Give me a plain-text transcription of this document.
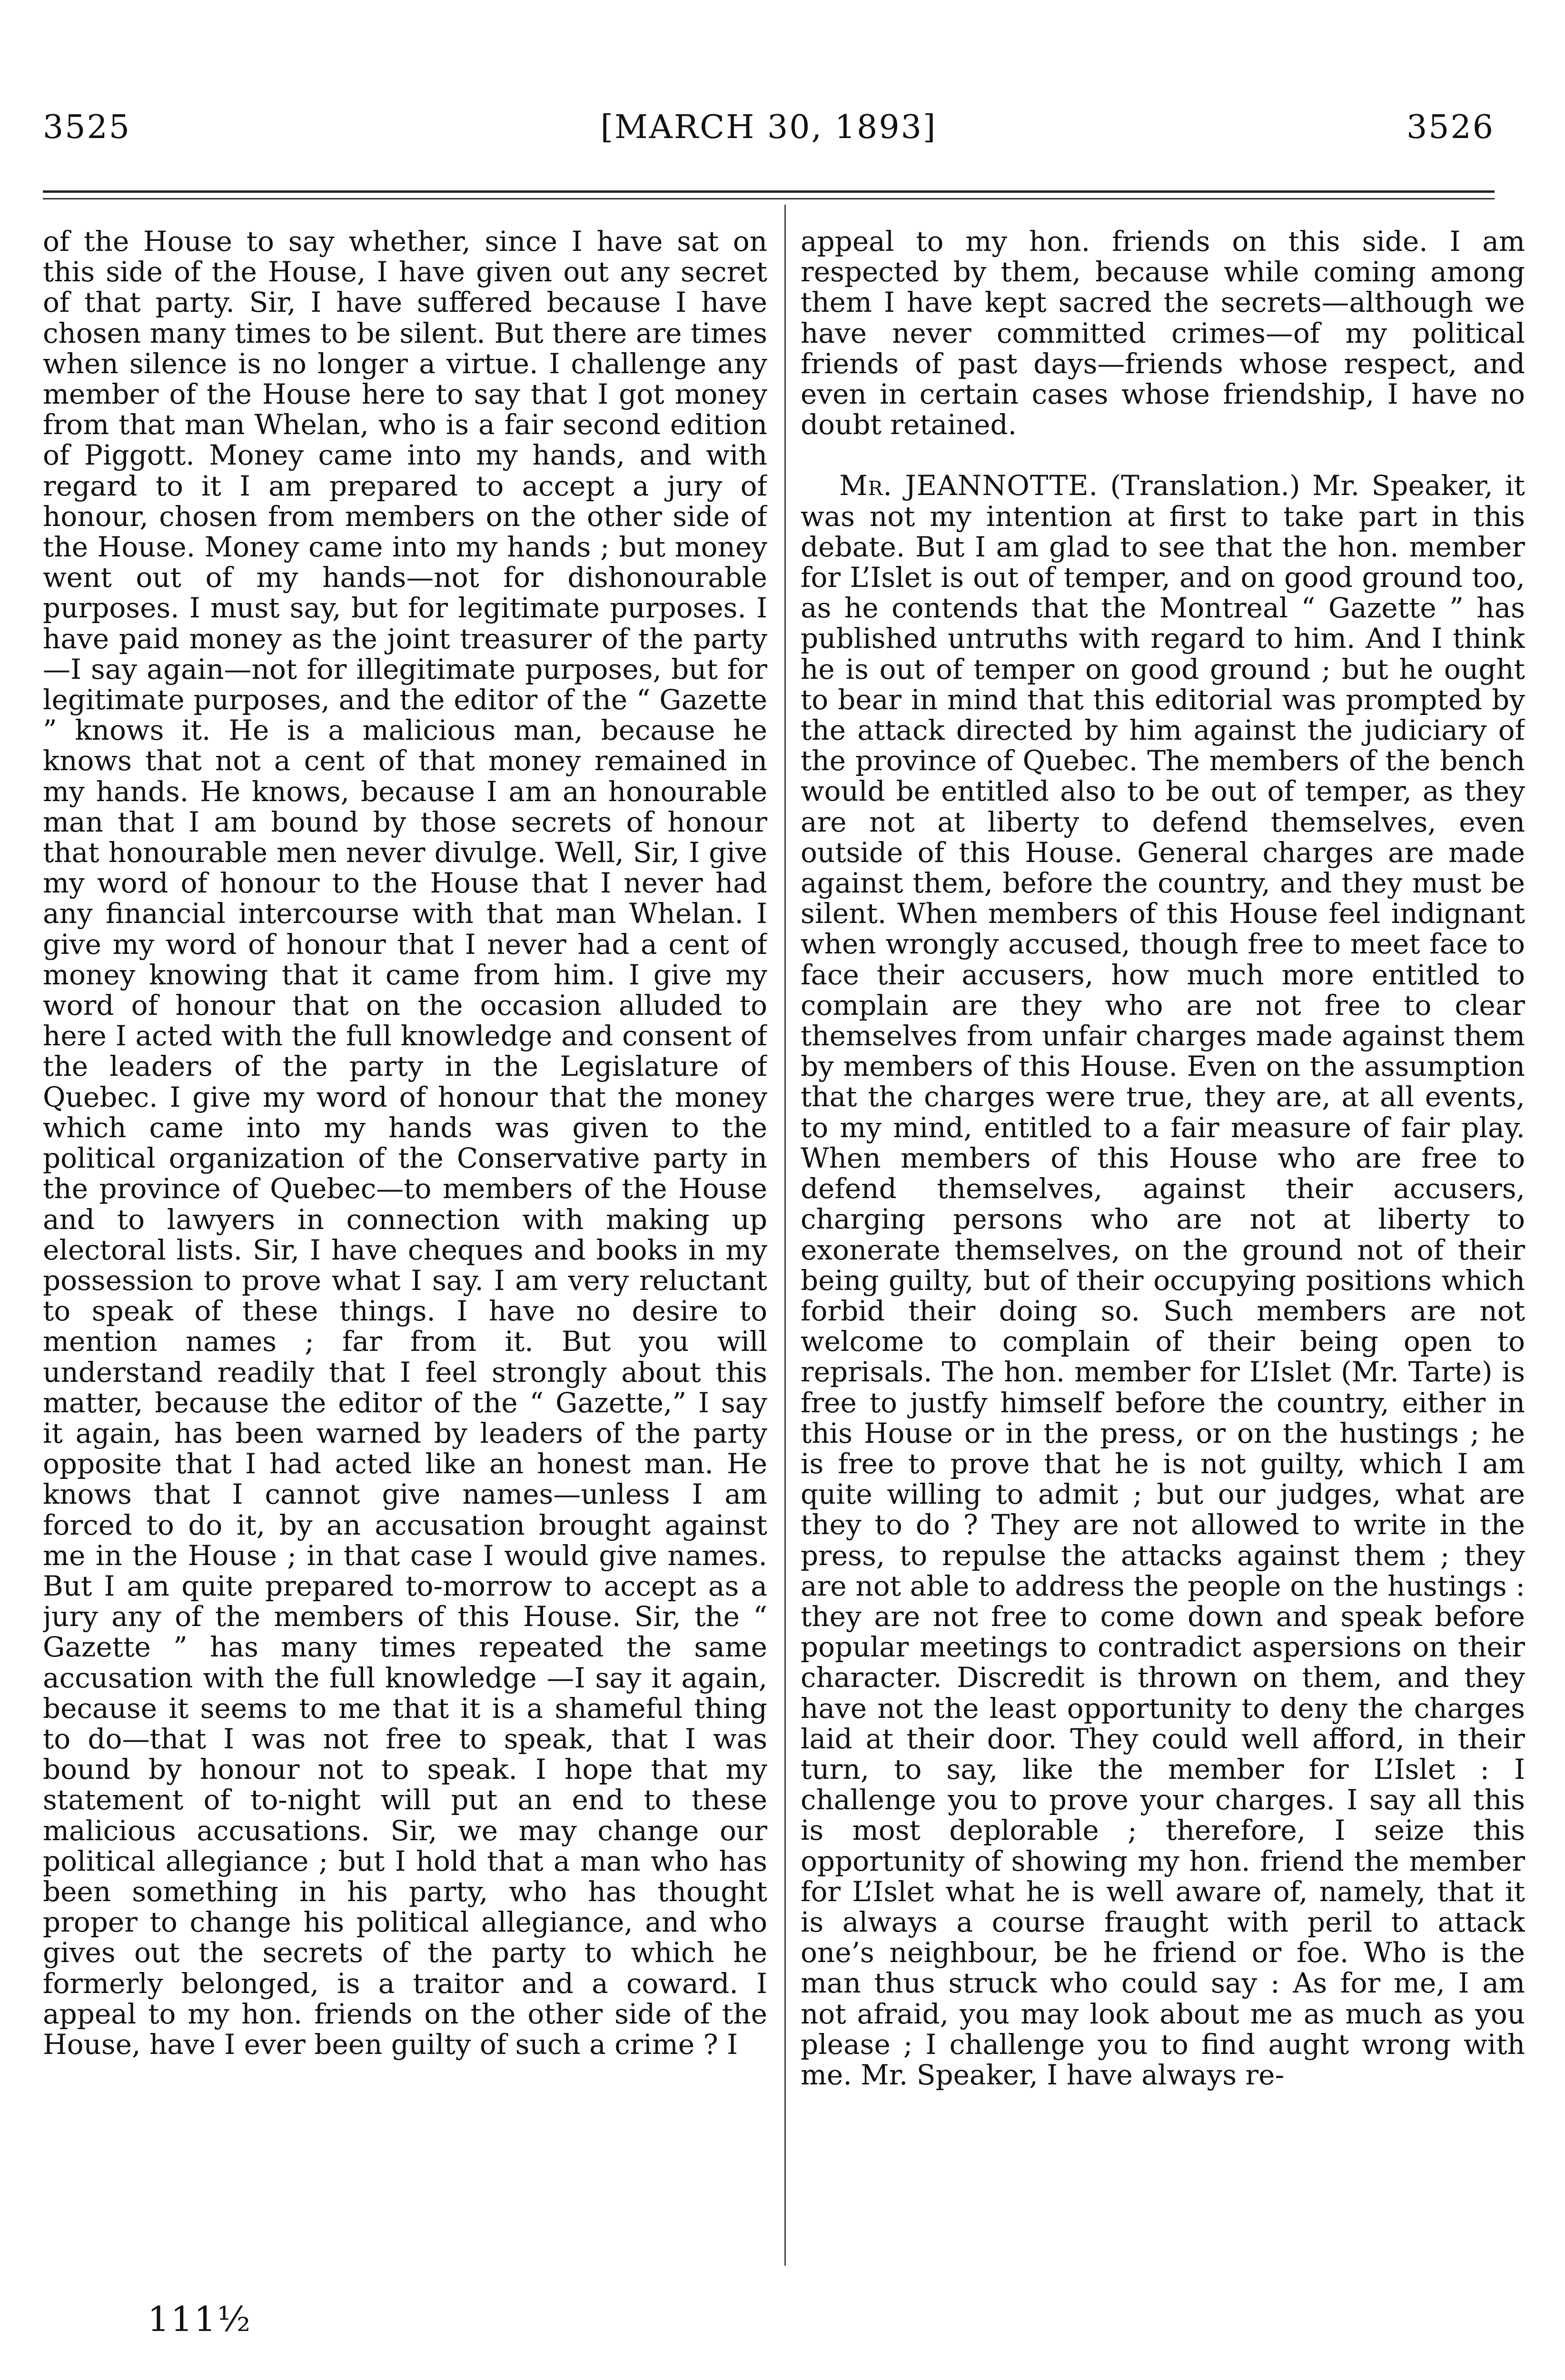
3525	[MARCH 30, 1893]	3526

of the House to say whether, since I have sat on this side of the House, I have given out any secret of that party. Sir, I have suffered because I have chosen many times to be silent. But there are times when silence is no longer a virtue. I challenge any member of the House here to say that I got money from that man Whelan, who is a fair second edition of Piggott. Money came into my hands, and with regard to it I am prepared to accept a jury of honour, chosen from members on the other side of the House. Money came into my hands ; but money went out of my hands—not for dishonourable purposes. I must say, but for legitimate purposes. I have paid money as the joint treasurer of the party—I say again—not for illegitimate purposes, but for legitimate purposes, and the editor of the “ Gazette ” knows it. He is a malicious man, because he knows that not a cent of that money remained in my hands. He knows, because I am an honourable man that I am bound by those secrets of honour that honourable men never divulge. Well, Sir, I give my word of honour to the House that I never had any financial intercourse with that man Whelan. I give my word of honour that I never had a cent of money knowing that it came from him. I give my word of honour that on the occasion alluded to here I acted with the full knowledge and consent of the leaders of the party in the Legislature of Quebec. I give my word of honour that the money which came into my hands was given to the political organization of the Conservative party in the province of Quebec—to members of the House and to lawyers in connection with making up electoral lists. Sir, I have cheques and books in my possession to prove what I say. I am very reluctant to speak of these things. I have no desire to mention names ; far from it. But you will understand readily that I feel strongly about this matter, because the editor of the “ Gazette,” I say it again, has been warned by leaders of the party opposite that I had acted like an honest man. He knows that I cannot give names—unless I am forced to do it, by an accusation brought against me in the House ; in that case I would give names. But I am quite prepared to-morrow to accept as a jury any of the members of this House. Sir, the “ Gazette ” has many times repeated the same accusation with the full knowledge —I say it again, because it seems to me that it is a shameful thing to do—that I was not free to speak, that I was bound by honour not to speak. I hope that my statement of to-night will put an end to these malicious accusations. Sir, we may change our political allegiance ; but I hold that a man who has been something in his party, who has thought proper to change his political allegiance, and who gives out the secrets of the party to which he formerly belonged, is a traitor and a coward. I appeal to my hon. friends on the other side of the House, have I ever been guilty of such a crime ? I

appeal to my hon. friends on this side. I am respected by them, because while coming among them I have kept sacred the secrets—although we have never committed crimes—of my political friends of past days—friends whose respect, and even in certain cases whose friendship, I have no doubt retained.

Mr. JEANNOTTE. (Translation.) Mr. Speaker, it was not my intention at first to take part in this debate. But I am glad to see that the hon. member for L’Islet is out of temper, and on good ground too, as he contends that the Montreal “ Gazette ” has published untruths with regard to him. And I think he is out of temper on good ground ; but he ought to bear in mind that this editorial was prompted by the attack directed by him against the judiciary of the province of Quebec. The members of the bench would be entitled also to be out of temper, as they are not at liberty to defend themselves, even outside of this House. General charges are made against them, before the country, and they must be silent. When members of this House feel indignant when wrongly accused, though free to meet face to face their accusers, how much more entitled to complain are they who are not free to clear themselves from unfair charges made against them by members of this House. Even on the assumption that the charges were true, they are, at all events, to my mind, entitled to a fair measure of fair play. When members of this House who are free to defend themselves, against their accusers, charging persons who are not at liberty to exonerate themselves, on the ground not of their being guilty, but of their occupying positions which forbid their doing so. Such members are not welcome to complain of their being open to reprisals. The hon. member for L’Islet (Mr. Tarte) is free to justfy himself before the country, either in this House or in the press, or on the hustings ; he is free to prove that he is not guilty, which I am quite willing to admit ; but our judges, what are they to do ? They are not allowed to write in the press, to repulse the attacks against them ; they are not able to address the people on the hustings : they are not free to come down and speak before popular meetings to contradict aspersions on their character. Discredit is thrown on them, and they have not the least opportunity to deny the charges laid at their door. They could well afford, in their turn, to say, like the member for L’Islet : I challenge you to prove your charges. I say all this is most deplorable ; therefore, I seize this opportunity of showing my hon. friend the member for L’Islet what he is well aware of, namely, that it is always a course fraught with peril to attack one’s neighbour, be he friend or foe. Who is the man thus struck who could say : As for me, I am not afraid, you may look about me as much as you please ; I challenge you to find aught wrong with me. Mr. Speaker, I have always re-

111½
